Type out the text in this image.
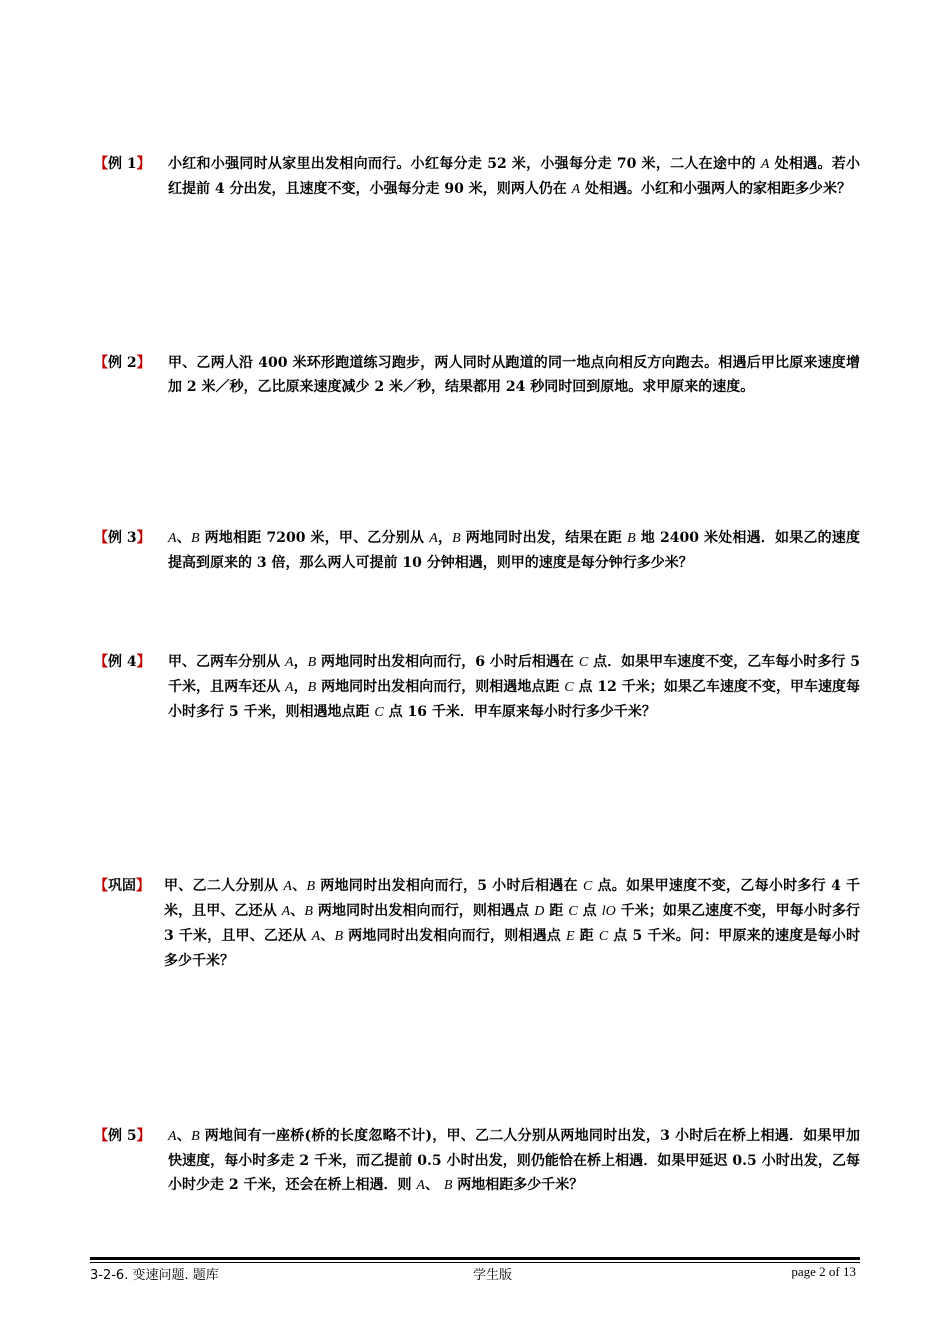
【例 1】 小红和小强同时从家里出发相向而行。小红每分走 52 米，小强每分走 70 米，二人在途中的 A 处相遇。若小红提前 4 分出发，且速度不变，小强每分走 90 米，则两人仍在 A 处相遇。小红和小强两人的家相距多少米？
【例 2】 甲、乙两人沿 400 米环形跑道练习跑步，两人同时从跑道的同一地点向相反方向跑去。相遇后甲比原来速度增加 2 米／秒，乙比原来速度减少 2 米／秒，结果都用 24 秒同时回到原地。求甲原来的速度。
【例 3】 A、B 两地相距 7200 米，甲、乙分别从 A，B 两地同时出发，结果在距 B 地 2400 米处相遇．如果乙的速度提高到原来的 3 倍，那么两人可提前 10 分钟相遇，则甲的速度是每分钟行多少米？
【例 4】 甲、乙两车分别从 A，B 两地同时出发相向而行，6 小时后相遇在 C 点．如果甲车速度不变，乙车每小时多行 5 千米，且两车还从 A，B 两地同时出发相向而行，则相遇地点距 C 点 12 千米；如果乙车速度不变，甲车速度每小时多行 5 千米，则相遇地点距 C 点 16 千米．甲车原来每小时行多少千米？
【巩固】 甲、乙二人分别从 A、B 两地同时出发相向而行，5 小时后相遇在 C 点。如果甲速度不变，乙每小时多行 4 千米，且甲、乙还从 A、B 两地同时出发相向而行，则相遇点 D 距 C 点 lO 千米；如果乙速度不变，甲每小时多行 3 千米，且甲、乙还从 A、B 两地同时出发相向而行，则相遇点 E 距 C 点 5 千米。问：甲原来的速度是每小时多少千米？
【例 5】 A、B 两地间有一座桥(桥的长度忽略不计)，甲、乙二人分别从两地同时出发，3 小时后在桥上相遇．如果甲加快速度，每小时多走 2 千米，而乙提前 0.5 小时出发，则仍能恰在桥上相遇．如果甲延迟 0.5 小时出发，乙每小时少走 2 千米，还会在桥上相遇．则 A、 B 两地相距多少千米？
3-2-6. 变速问题. 题库	学生版	page 2 of 13
